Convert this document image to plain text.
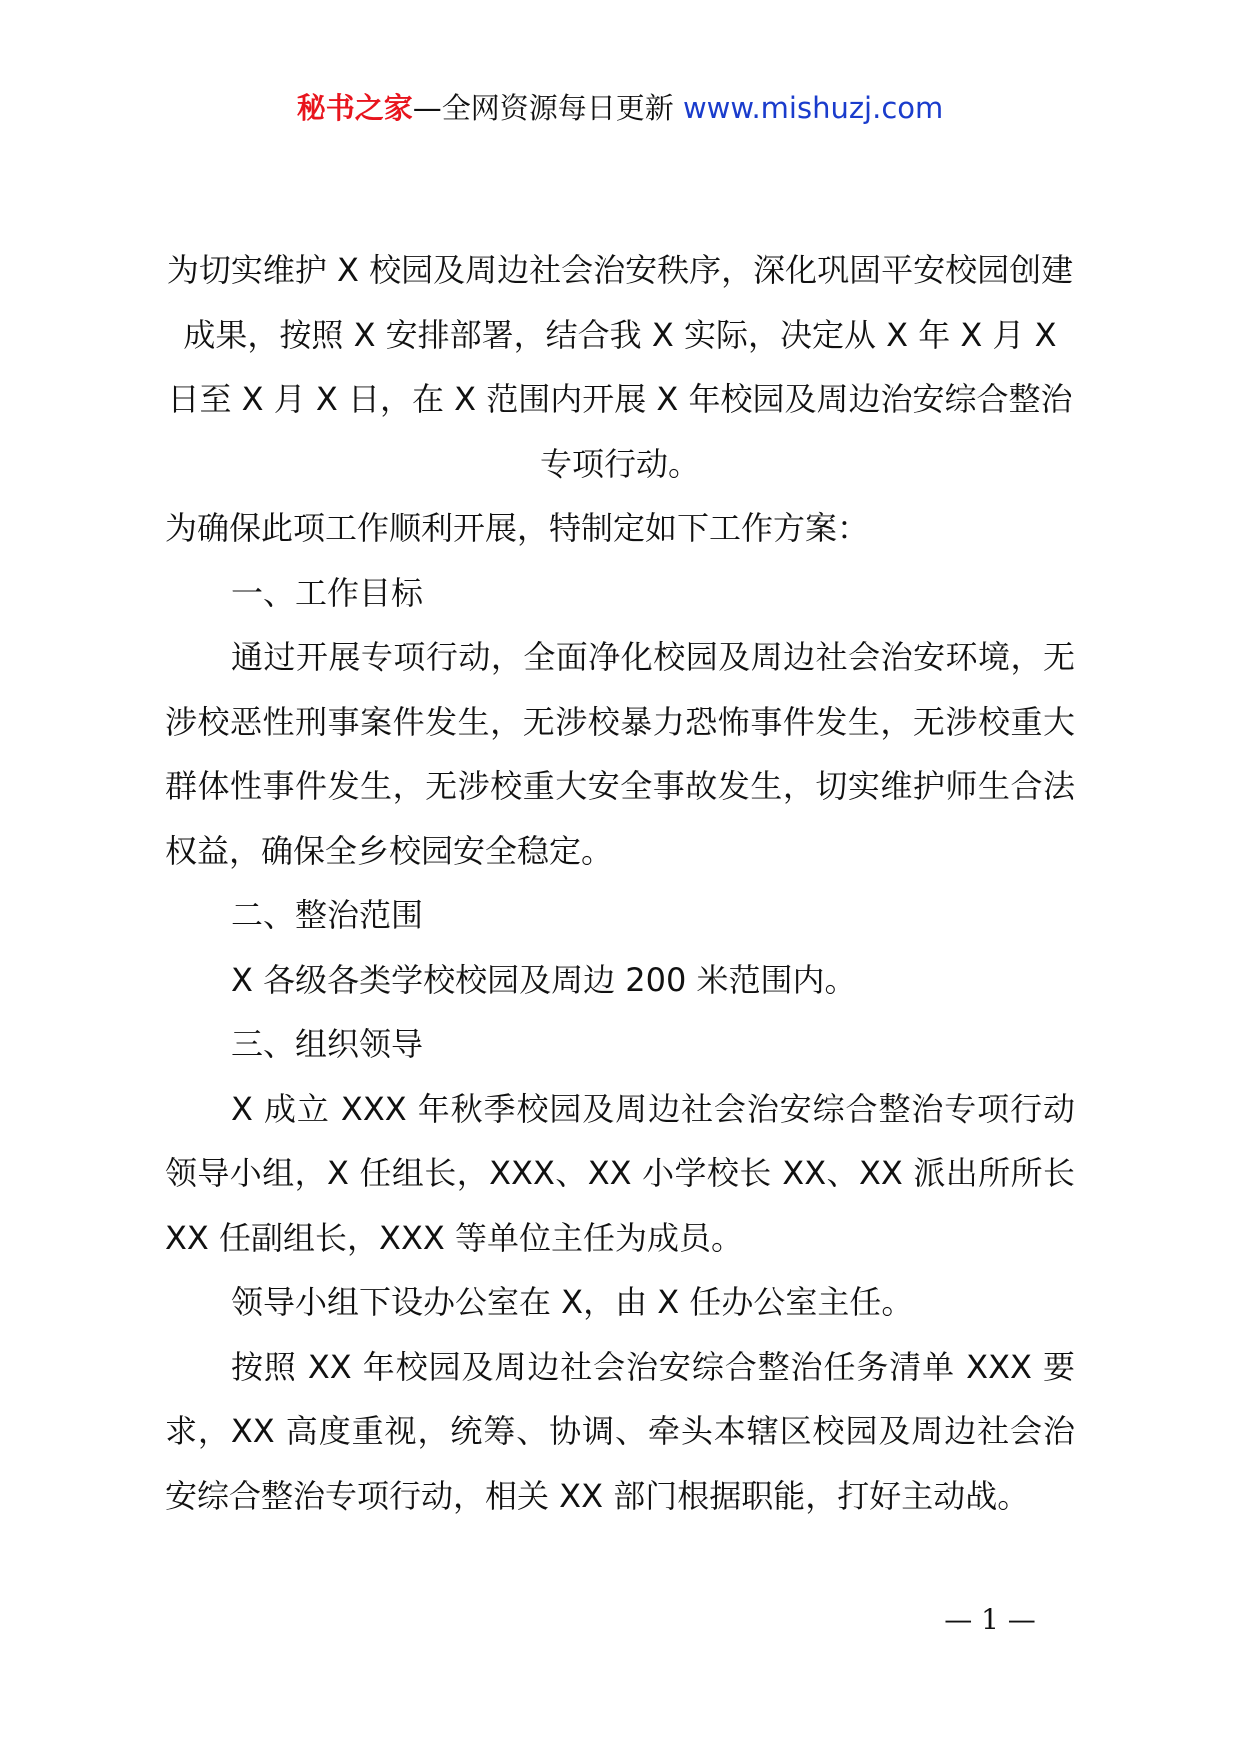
秘书之家—全网资源每日更新 www.mishuzj.com

为切实维护 X 校园及周边社会治安秩序，深化巩固平安校园创建成果，按照 X 安排部署，结合我 X 实际，决定从 X 年 X 月 X 日至 X 月 X 日，在 X 范围内开展 X 年校园及周边治安综合整治专项行动。

为确保此项工作顺利开展，特制定如下工作方案：

一、工作目标

通过开展专项行动，全面净化校园及周边社会治安环境，无涉校恶性刑事案件发生，无涉校暴力恐怖事件发生，无涉校重大群体性事件发生，无涉校重大安全事故发生，切实维护师生合法权益，确保全乡校园安全稳定。

二、整治范围

X 各级各类学校校园及周边 200 米范围内。

三、组织领导

X 成立 XXX 年秋季校园及周边社会治安综合整治专项行动领导小组，X 任组长，XXX、XX 小学校长 XX、XX 派出所所长 XX 任副组长，XXX 等单位主任为成员。

领导小组下设办公室在 X，由 X 任办公室主任。

按照 XX 年校园及周边社会治安综合整治任务清单 XXX 要求，XX 高度重视，统筹、协调、牵头本辖区校园及周边社会治安综合整治专项行动，相关 XX 部门根据职能，打好主动战。

— 1 —
